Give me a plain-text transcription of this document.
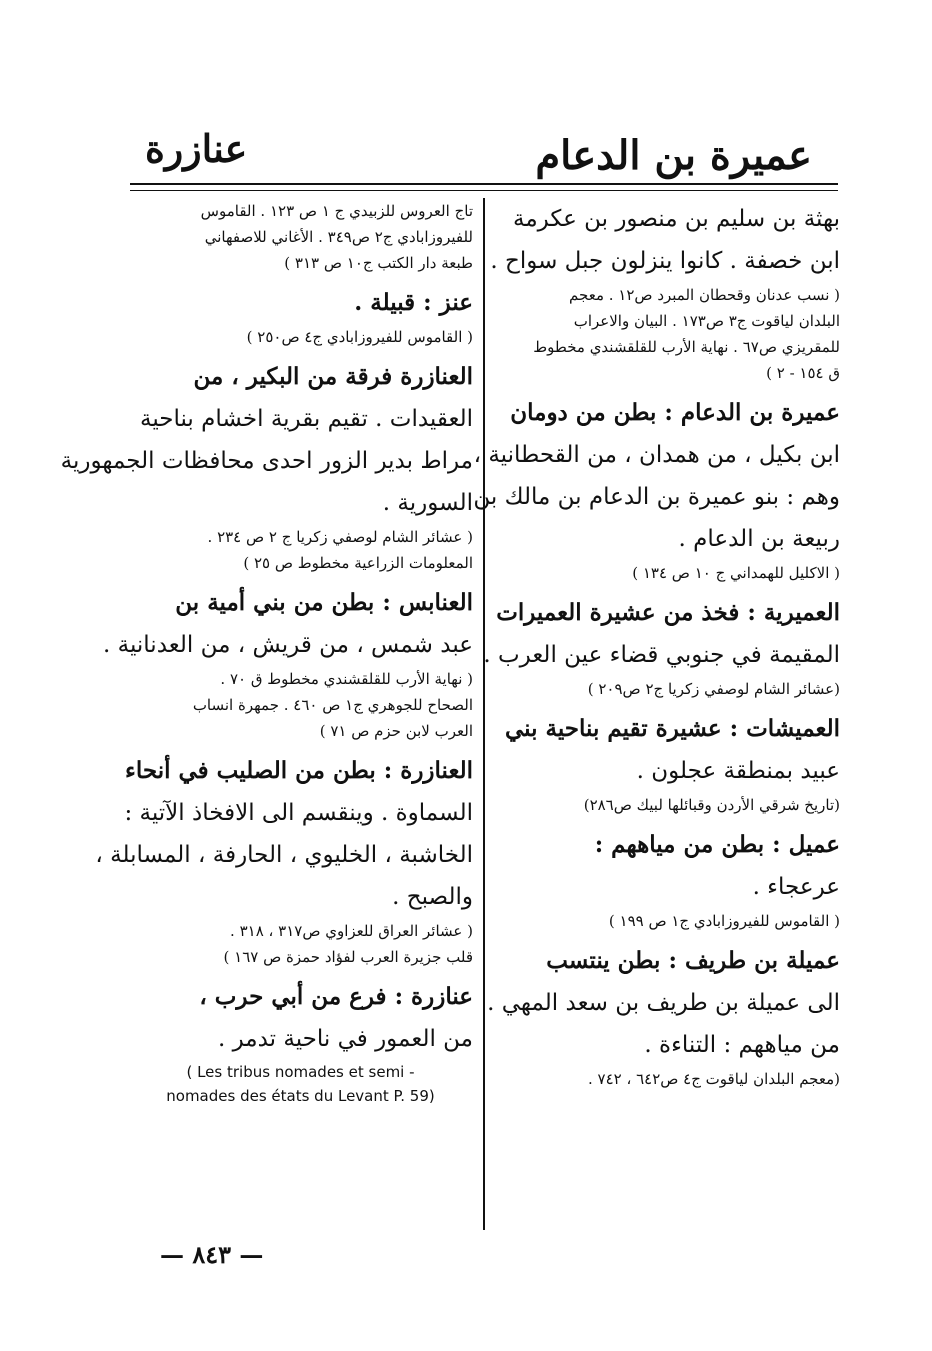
عميرة بن الدعام
عنازرة
بهثة بن سليم بن منصور بن عكرمة
ابن خصفة . كانوا ينزلون جبل سواح .
( نسب عدنان وقحطان المبرد ص١٢ . معجم
البلدان لياقوت ج٣ ص١٧٣ . البيان والاعراب
للمقريزي ص٦٧ . نهاية الأرب للقلقشندي مخطوط
ق ١٥٤ - ٢ )
عميرة بن الدعام : بطن من دومان
ابن بكيل ، من همدان ، من القحطانية ،
وهم : بنو عميرة بن الدعام بن مالك بن
ربيعة بن الدعام .
( الاكليل للهمداني ج ١٠ ص ١٣٤ )
العميرية : فخذ من عشيرة العميرات
المقيمة في جنوبي قضاء عين العرب .
(عشائر الشام لوصفي زكريا ج٢ ص٢٠٩ )
العميشات : عشيرة تقيم بناحية بني
عبيد بمنطقة عجلون .
(تاريخ شرقي الأردن وقبائلها لبيك ص٢٨٦)
عميل : بطن من مياههم :
عرعجاء .
( القاموس للفيروزابادي ج١ ص ١٩٩ )
عميلة بن طريف : بطن ينتسب
الى عميلة بن طريف بن سعد المهي .
من مياههم : التناءة .
(معجم البلدان لياقوت ج٤ ص٦٤٢ ، ٧٤٢ .
تاج العروس للزبيدي ج ١ ص ١٢٣ . القاموس
للفيروزابادي ج٢ ص٣٤٩ . الأغاني للاصفهاني
طبعة دار الكتب ج١٠ ص ٣١٣ )
عنز : قبيلة .
( القاموس للفيروزابادي ج٤ ص٢٥٠ )
العنازرة فرقة من البكير ، من
العقيدات . تقيم بقرية اخشام بناحية
مراط بدير الزور احدى محافظات الجمهورية
السورية .
( عشائر الشام لوصفي زكريا ج ٢ ص ٢٣٤ .
المعلومات الزراعية مخطوط ص ٢٥ )
العنابس : بطن من بني أمية بن
عبد شمس ، من قريش ، من العدنانية .
( نهاية الأرب للقلقشندي مخطوط ق ٧٠ .
الصحاح للجوهري ج١ ص ٤٦٠ . جمهرة انساب
العرب لابن حزم ص ٧١ )
العنازرة : بطن من الصليب في أنحاء
السماوة . وينقسم الى الافخاذ الآتية :
الخاشبة ، الخليوي ، الحارفة ، المسابلة ،
والصبح .
( عشائر العراق للعزاوي ص٣١٧ ، ٣١٨ .
قلب جزيرة العرب لفؤاد حمزة ص ١٦٧ )
عنازرة : فرع من أبي حرب ،
من العمور في ناحية تدمر .
( Les tribus nomades et semi -
nomades des états du Levant P. 59)
— ٨٤٣ —
